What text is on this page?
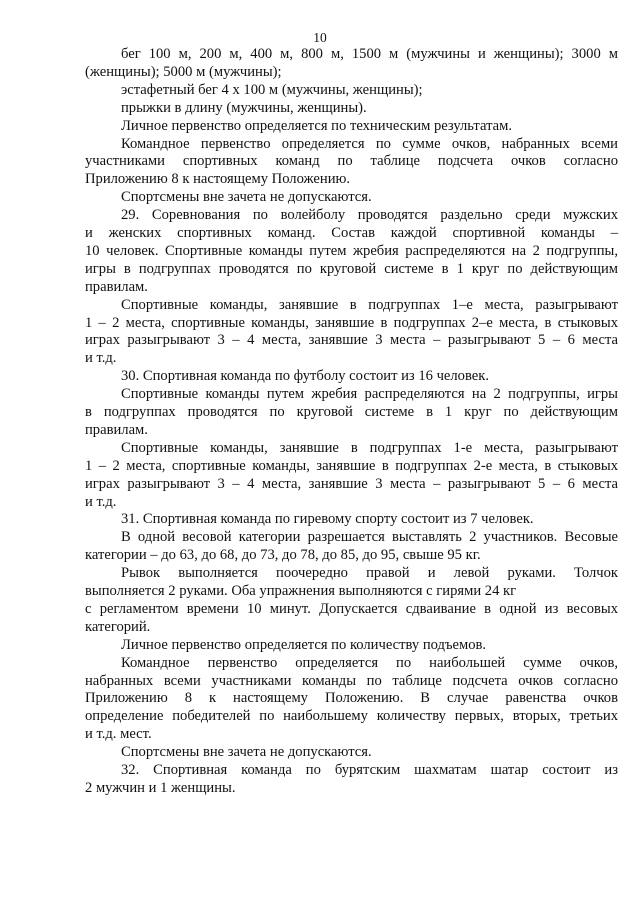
10
бег 100 м, 200 м, 400 м, 800 м, 1500 м (мужчины и женщины); 3000 м
(женщины); 5000 м (мужчины);
эстафетный бег 4 х 100 м (мужчины, женщины);
прыжки в длину (мужчины, женщины).
Личное первенство определяется по техническим результатам.
Командное первенство определяется по сумме очков, набранных всеми
участниками спортивных команд по таблице подсчета очков согласно
Приложению 8 к настоящему Положению.
Спортсмены вне зачета не допускаются.
29. Соревнования по волейболу проводятся раздельно среди мужских
и женских спортивных команд. Состав каждой спортивной команды –
10 человек. Спортивные команды путем жребия распределяются на 2 подгруппы,
игры в подгруппах проводятся по круговой системе в 1 круг по действующим
правилам.
Спортивные команды, занявшие в подгруппах 1–е места, разыгрывают
1 – 2 места, спортивные команды, занявшие в подгруппах 2–е места, в стыковых
играх разыгрывают 3 – 4 места, занявшие 3 места – разыгрывают 5 – 6 места
и т.д.
30. Спортивная команда по футболу состоит из 16 человек.
Спортивные команды путем жребия распределяются на 2 подгруппы, игры
в подгруппах проводятся по круговой системе в 1 круг по действующим
правилам.
Спортивные команды, занявшие в подгруппах 1-е места, разыгрывают
1 – 2 места, спортивные команды, занявшие в подгруппах 2-е места, в стыковых
играх разыгрывают 3 – 4 места, занявшие 3 места – разыгрывают 5 – 6 места
и т.д.
31. Спортивная команда по гиревому спорту состоит из 7 человек.
В одной весовой категории разрешается выставлять 2 участников. Весовые
категории – до 63, до 68, до 73, до 78, до 85, до 95, свыше 95 кг.
Рывок выполняется поочередно правой и левой руками. Толчок
выполняется 2 руками. Оба упражнения выполняются с гирями 24 кг
с регламентом времени 10 минут. Допускается сдваивание в одной из весовых
категорий.
Личное первенство определяется по количеству подъемов.
Командное первенство определяется по наибольшей сумме очков,
набранных всеми участниками команды по таблице подсчета очков согласно
Приложению 8 к настоящему Положению. В случае равенства очков
определение победителей по наибольшему количеству первых, вторых, третьих
и т.д. мест.
Спортсмены вне зачета не допускаются.
32. Спортивная команда по бурятским шахматам шатар состоит из
2 мужчин и 1 женщины.
